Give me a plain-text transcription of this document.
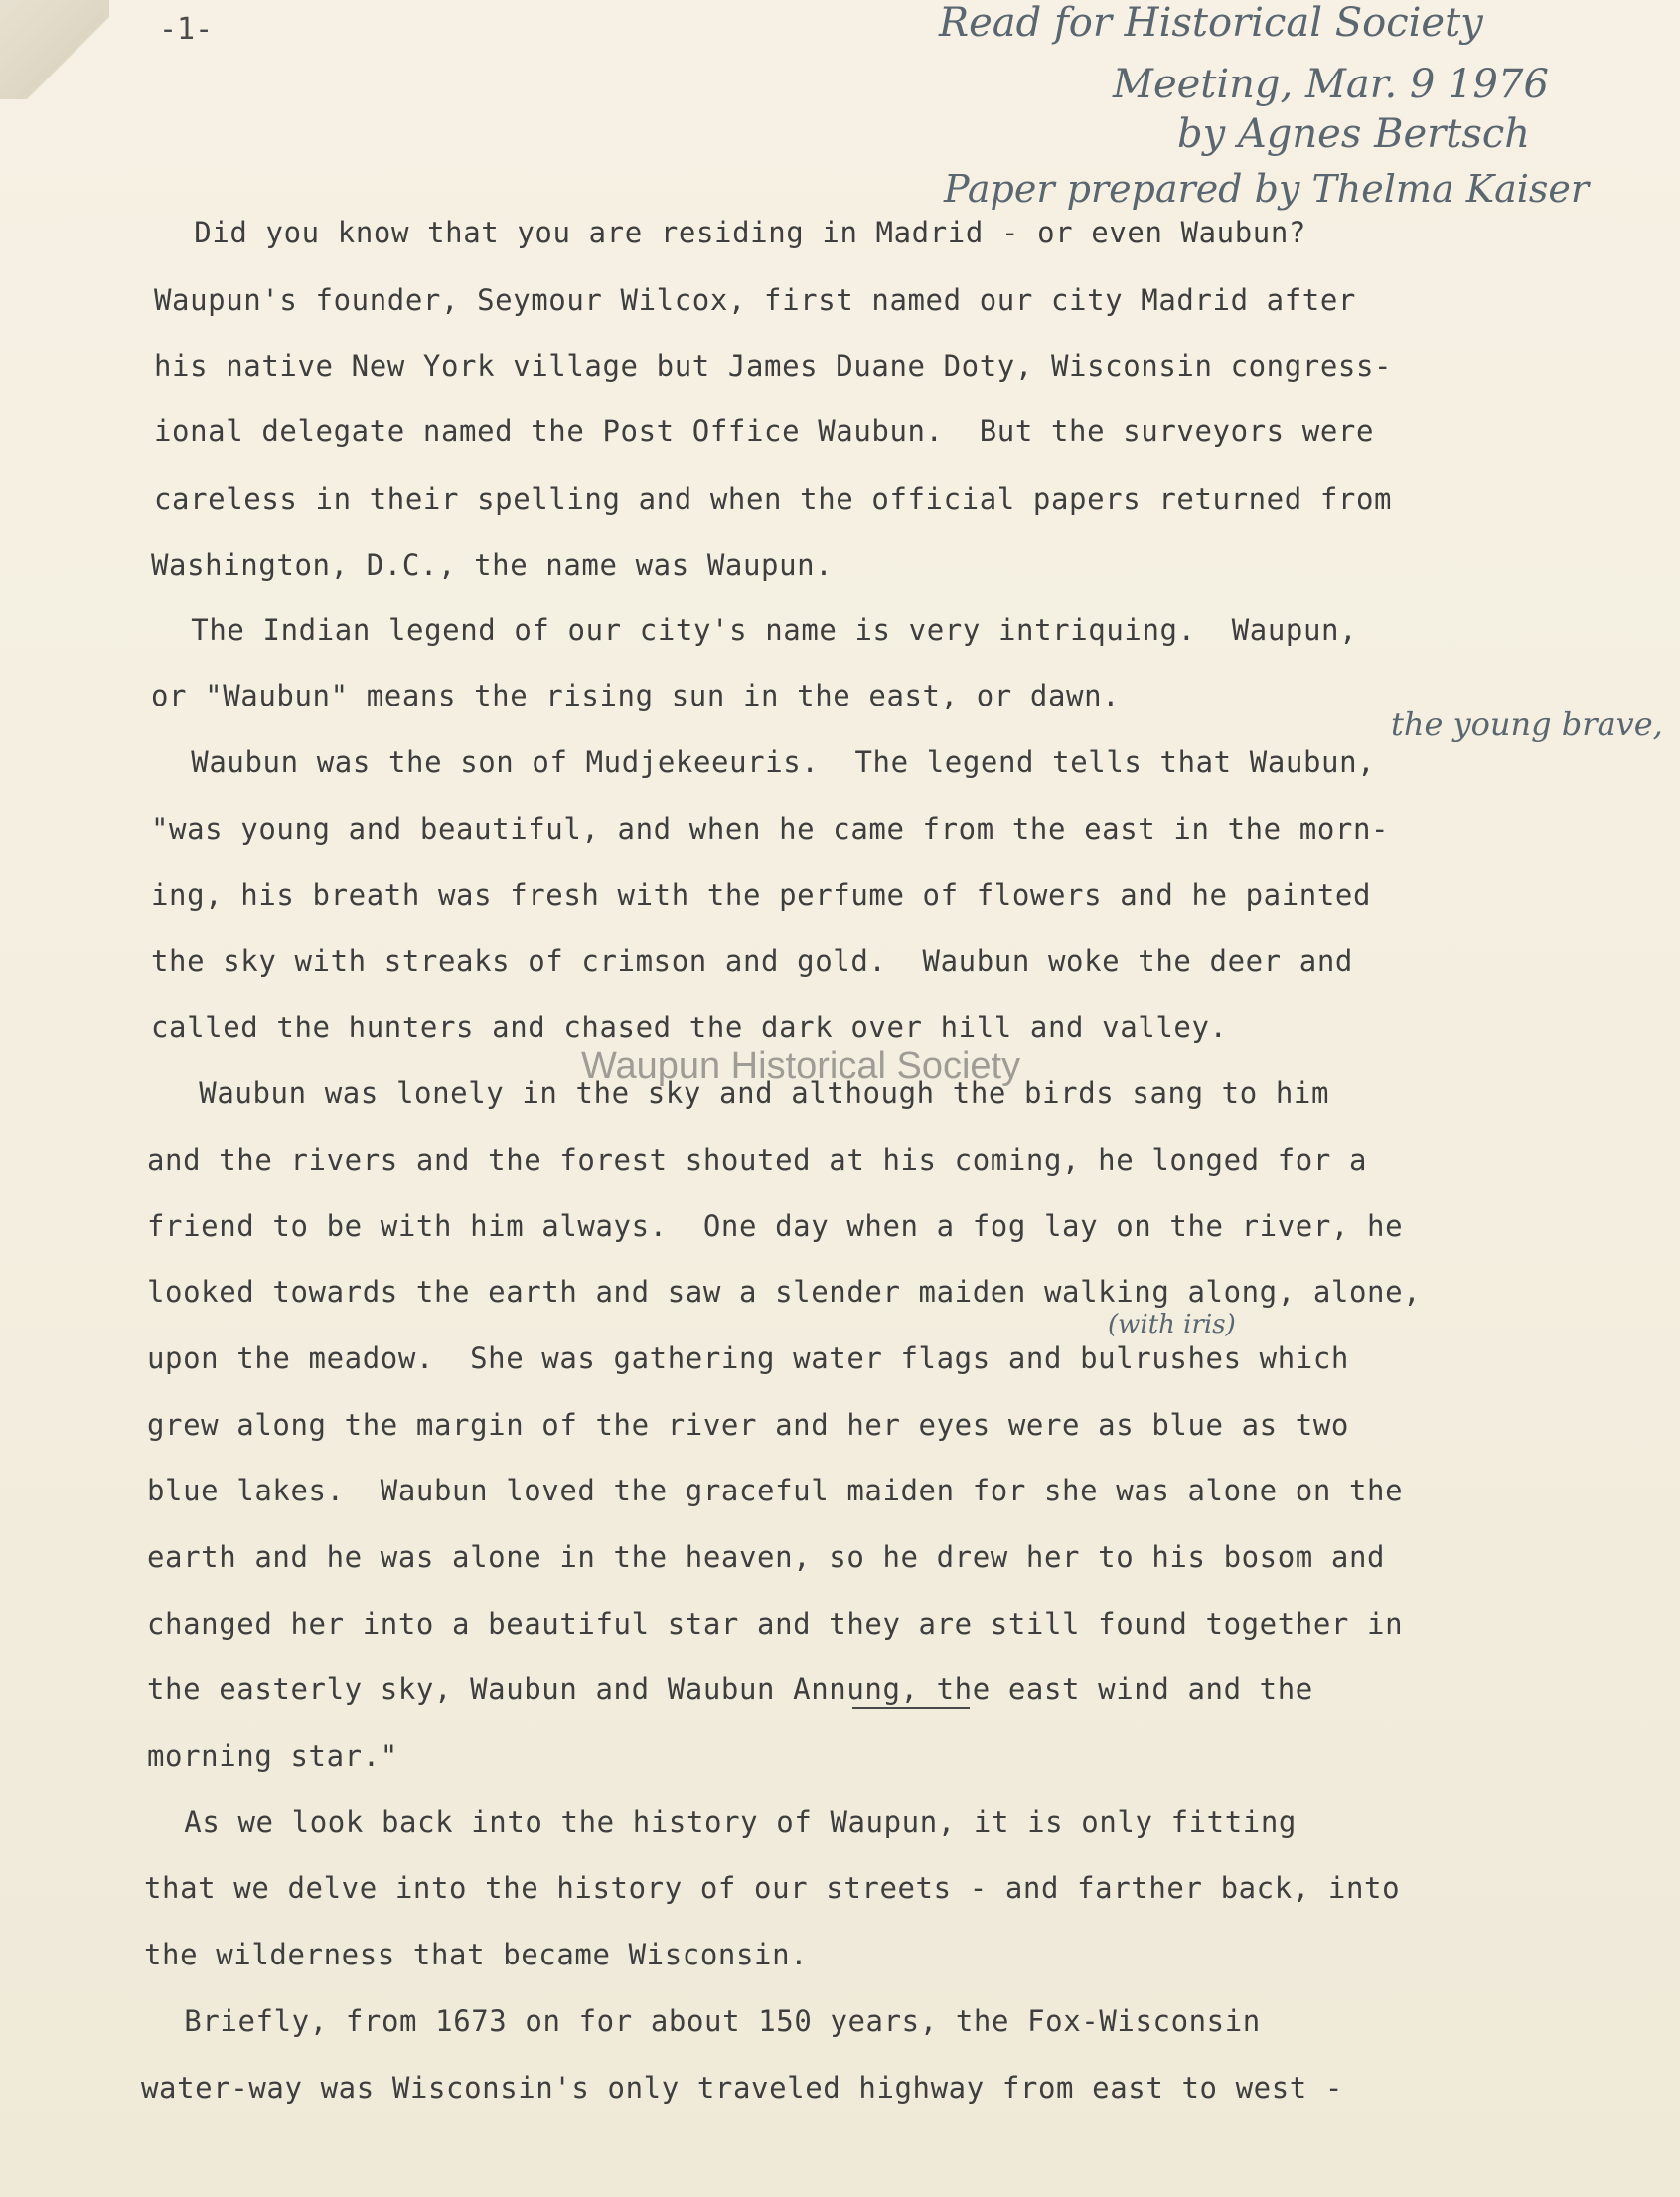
-1-	Read for Historical Society

Meeting, Mar. 9 1976

by Agnes Bertsch

Paper prepared by Thelma Kaiser

the young brave,

(with iris)

Did you know that you are residing in Madrid - or even Waubun?

Waupun's founder, Seymour Wilcox, first named our city Madrid after

his native New York village but James Duane Doty, Wisconsin congress-

ional delegate named the Post Office Waubun.  But the surveyors were

careless in their spelling and when the official papers returned from

Washington, D.C., the name was Waupun.

The Indian legend of our city's name is very intriquing.  Waupun,

or "Waubun" means the rising sun in the east, or dawn.

Waubun was the son of Mudjekeeuris.  The legend tells that Waubun,

"was young and beautiful, and when he came from the east in the morn-

ing, his breath was fresh with the perfume of flowers and he painted

the sky with streaks of crimson and gold.  Waubun woke the deer and

called the hunters and chased the dark over hill and valley.

Waubun was lonely in the sky and although the birds sang to him

and the rivers and the forest shouted at his coming, he longed for a

friend to be with him always.  One day when a fog lay on the river, he

looked towards the earth and saw a slender maiden walking along, alone,

upon the meadow.  She was gathering water flags and bulrushes which

grew along the margin of the river and her eyes were as blue as two

blue lakes.  Waubun loved the graceful maiden for she was alone on the

earth and he was alone in the heaven, so he drew her to his bosom and

changed her into a beautiful star and they are still found together in

the easterly sky, Waubun and Waubun Annung, the east wind and the

morning star."

As we look back into the history of Waupun, it is only fitting

that we delve into the history of our streets - and farther back, into

the wilderness that became Wisconsin.

Briefly, from 1673 on for about 150 years, the Fox-Wisconsin

water-way was Wisconsin's only traveled highway from east to west -

Waupun Historical Society
